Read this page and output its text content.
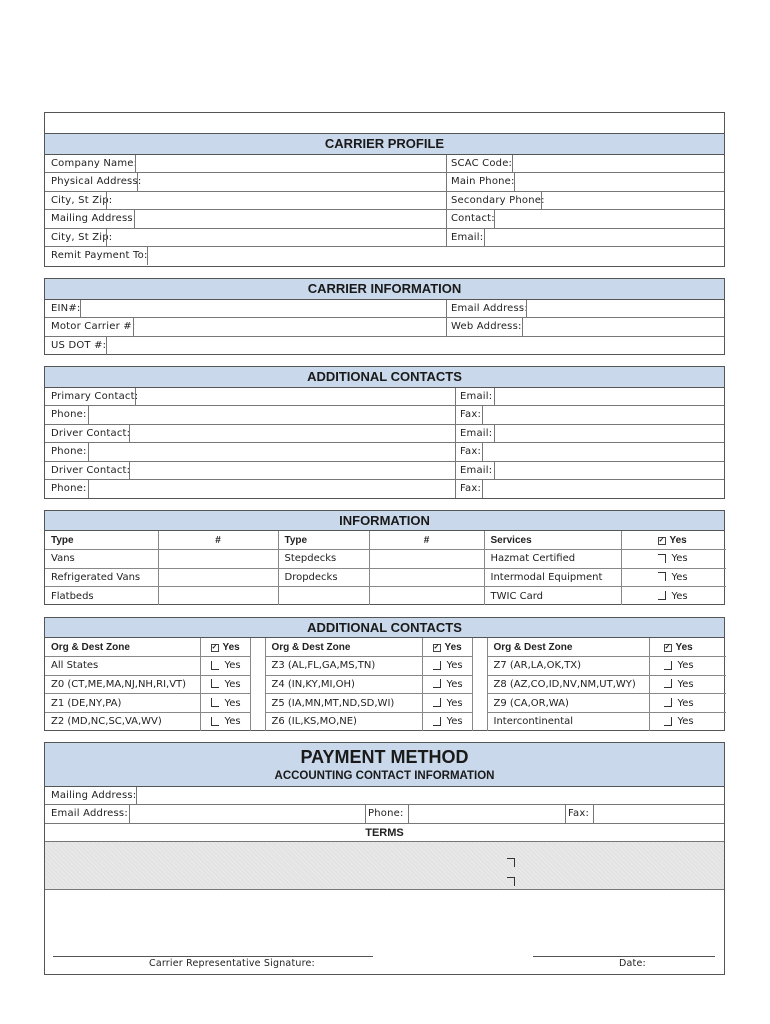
CARRIER PROFILE
Company Name:	SCAC Code:
Physical Address:	Main Phone:
City, St Zip:	Secondary Phone:
Mailing Address:	Contact:
City, St Zip:	Email:
Remit Payment To:
CARRIER INFORMATION
EIN#:	Email Address:
Motor Carrier #:	Web Address:
US DOT #:
ADDITIONAL CONTACTS
Primary Contact:	Email:
Phone:	Fax:
Driver Contact:	Email:
Phone:	Fax:
Driver Contact:	Email:
Phone:	Fax:
INFORMATION
Type	#	Type	#	Services	✓ Yes
Vans		Stepdecks		Hazmat Certified	Yes
Refrigerated Vans		Dropdecks		Intermodal Equipment	Yes
Flatbeds				TWIC Card	Yes
ADDITIONAL CONTACTS
Org & Dest Zone	✓ Yes		Org & Dest Zone	✓ Yes		Org & Dest Zone	✓ Yes
All States	Yes		Z3 (AL,FL,GA,MS,TN)	Yes		Z7 (AR,LA,OK,TX)	Yes
Z0 (CT,ME,MA,NJ,NH,RI,VT)	Yes		Z4 (IN,KY,MI,OH)	Yes		Z8 (AZ,CO,ID,NV,NM,UT,WY)	Yes
Z1 (DE,NY,PA)	Yes		Z5 (IA,MN,MT,ND,SD,WI)	Yes		Z9 (CA,OR,WA)	Yes
Z2 (MD,NC,SC,VA,WV)	Yes		Z6 (IL,KS,MO,NE)	Yes		Intercontinental	Yes
PAYMENT METHOD
ACCOUNTING CONTACT INFORMATION
Mailing Address:
Email Address:	Phone:	Fax:
TERMS
Carrier Representative Signature:	Date:
